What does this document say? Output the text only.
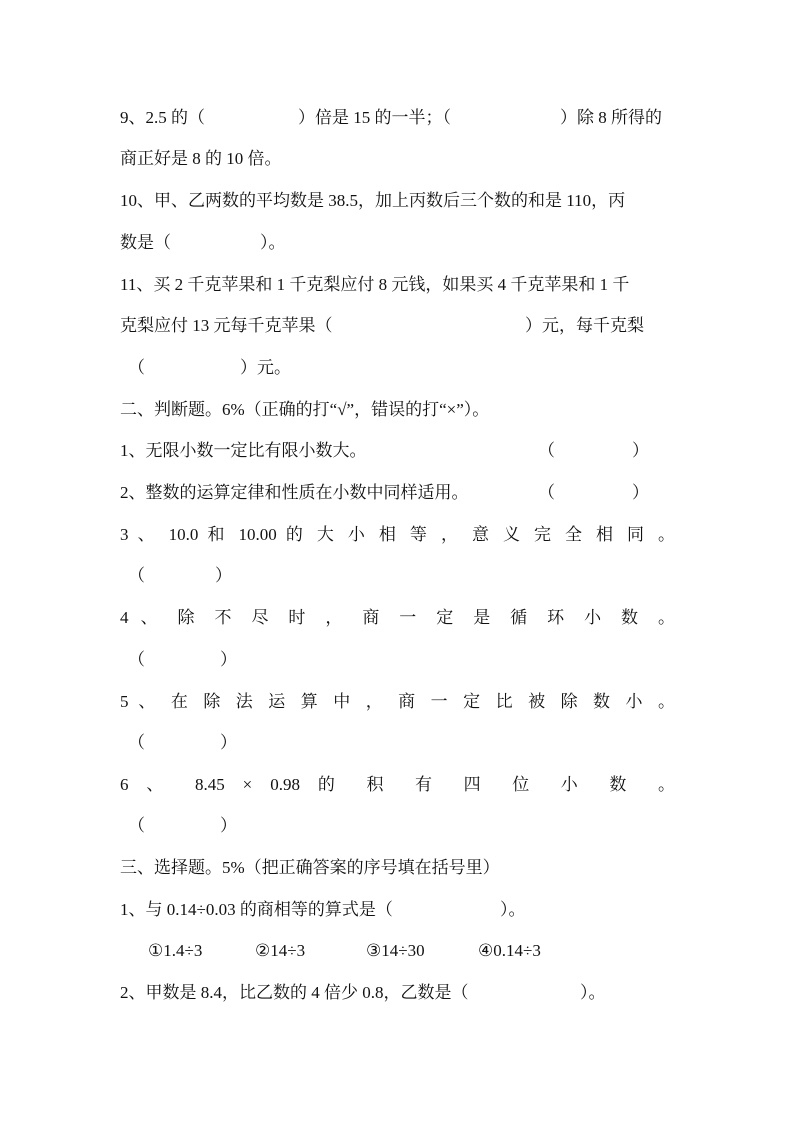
9、2.5 的（

	）倍是 15 的一半；（

	）除 8 所得的

商正好是 8 的 10 倍。
10、甲、乙两数的平均数是 38.5，加上丙数后三个数的和是 110，丙

数是（

	）。

11、买 2 千克苹果和 1 千克梨应付 8 元钱，如果买 4 千克苹果和 1 千

克梨应付 13 元每千克苹果（

	）元，每千克梨

（

	）元。

二、判断题。6%（正确的打“√”，错误的打“×”）。

1、无限小数一定比有限小数大。

	（

	）

2、整数的运算定律和性质在小数中同样适用。

	（

	）

3 、 10.0 和 10.00 的 大 小 相 等 ， 意 义 完 全 相 同 。

（

	）

4 、 除 不 尽 时 ， 商 一 定 是 循 环 小 数 。

（

	）

5 、 在 除 法 运 算 中 ， 商 一 定 比 被 除 数 小 。

（

	）

6 、 8.45 × 0.98 的 积 有 四 位 小 数 。

（

	）

三、选择题。5%（把正确答案的序号填在括号里）

1、与 0.14÷0.03 的商相等的算式是（

	）。

①1.4÷3

	②14÷3

	③14÷30

	④0.14÷3

2、甲数是 8.4，比乙数的 4 倍少 0.8，乙数是（

	）。
